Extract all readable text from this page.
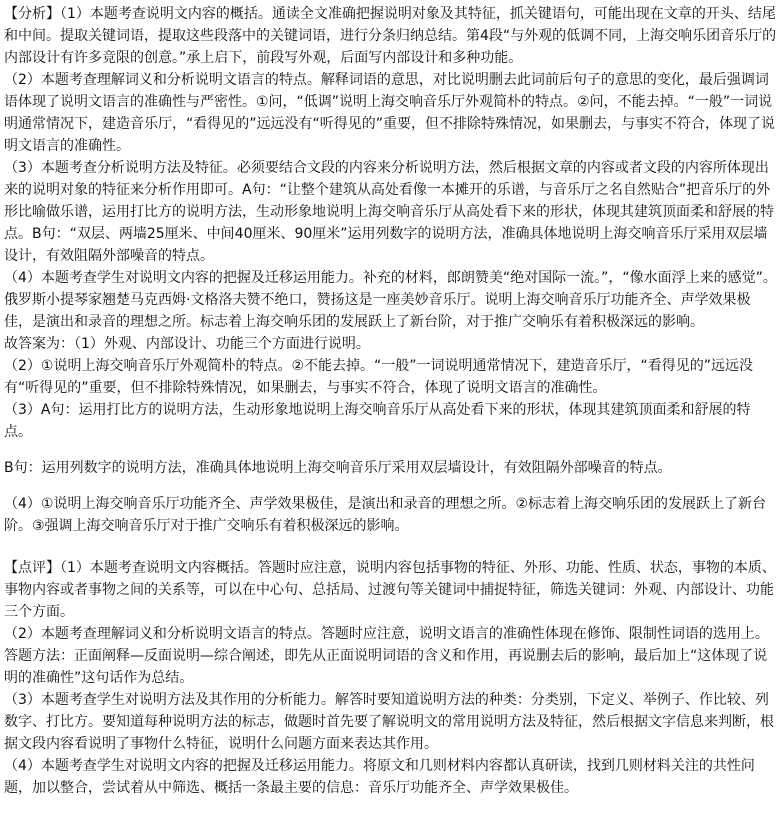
【分析】（1）本题考查说明文内容的概括。通读全文准确把握说明对象及其特征，抓关键语句，可能出现在文章的开头、结尾和中间。提取关键词语，提取这些段落中的关键词语，进行分条归纳总结。第4段“与外观的低调不同，上海交响乐团音乐厅的内部设计有许多竞限的创意。”承上启下，前段写外观，后面写内部设计和多种功能。

（2）本题考查理解词义和分析说明文语言的特点。解释词语的意思，对比说明删去此词前后句子的意思的变化，最后强调词语体现了说明文语言的准确性与严密性。①问，“低调”说明上海交响音乐厅外观简朴的特点。②问，不能去掉。“一般”一词说明通常情况下，建造音乐厅，“看得见的”远远没有“听得见的”重要，但不排除特殊情况，如果删去，与事实不符合，体现了说明文语言的准确性。

（3）本题考查分析说明方法及特征。必须要结合文段的内容来分析说明方法，然后根据文章的内容或者文段的内容所体现出来的说明对象的特征来分析作用即可。A句：“让整个建筑从高处看像一本摊开的乐谱，与音乐厅之名自然贴合”把音乐厅的外形比喻做乐谱，运用打比方的说明方法，生动形象地说明上海交响音乐厅从高处看下来的形状，体现其建筑顶面柔和舒展的特点。B句：“双层、两墙25厘米、中间40厘米、90厘米”运用列数字的说明方法，准确具体地说明上海交响音乐厅采用双层墙设计，有效阻隔外部噪音的特点。

（4）本题考查学生对说明文内容的把握及迁移运用能力。补充的材料，郎朗赞美“绝对国际一流。”，“像水面浮上来的感觉”。俄罗斯小提琴家翘楚马克西姆·文格洛夫赞不绝口，赞扬这是一座美妙音乐厅。说明上海交响音乐厅功能齐全、声学效果极佳，是演出和录音的理想之所。标志着上海交响乐团的发展跃上了新台阶，对于推广交响乐有着积极深远的影响。

故答案为：（1）外观、内部设计、功能三个方面进行说明。

（2）①说明上海交响音乐厅外观简朴的特点。②不能去掉。“一般”一词说明通常情况下，建造音乐厅，“看得见的”远远没有“听得见的”重要，但不排除特殊情况，如果删去，与事实不符合，体现了说明文语言的准确性。

（3）A句：运用打比方的说明方法，生动形象地说明上海交响音乐厅从高处看下来的形状，体现其建筑顶面柔和舒展的特点。

B句：运用列数字的说明方法，准确具体地说明上海交响音乐厅采用双层墙设计，有效阻隔外部噪音的特点。

（4）①说明上海交响音乐厅功能齐全、声学效果极佳，是演出和录音的理想之所。②标志着上海交响乐团的发展跃上了新台阶。③强调上海交响音乐厅对于推广交响乐有着积极深远的影响。

【点评】（1）本题考查说明文内容概括。答题时应注意，说明内容包括事物的特征、外形、功能、性质、状态，事物的本质、事物内容或者事物之间的关系等，可以在中心句、总括局、过渡句等关键词中捕捉特征，筛选关键词：外观、内部设计、功能三个方面。

（2）本题考查理解词义和分析说明文语言的特点。答题时应注意，说明文语言的准确性体现在修饰、限制性词语的选用上。答题方法：正面阐释—反面说明—综合阐述，即先从正面说明词语的含义和作用，再说删去后的影响，最后加上“这体现了说明的准确性”这句话作为总结。

（3）本题考查学生对说明方法及其作用的分析能力。解答时要知道说明方法的种类：分类别，下定义、举例子、作比较、列数字、打比方。要知道每种说明方法的标志，做题时首先要了解说明文的常用说明方法及特征，然后根据文字信息来判断，根据文段内容看说明了事物什么特征，说明什么问题方面来表达其作用。

（4）本题考查学生对说明文内容的把握及迁移运用能力。将原文和几则材料内容都认真研读，找到几则材料关注的共性问题，加以整合，尝试着从中筛选、概括一条最主要的信息：音乐厅功能齐全、声学效果极佳。
